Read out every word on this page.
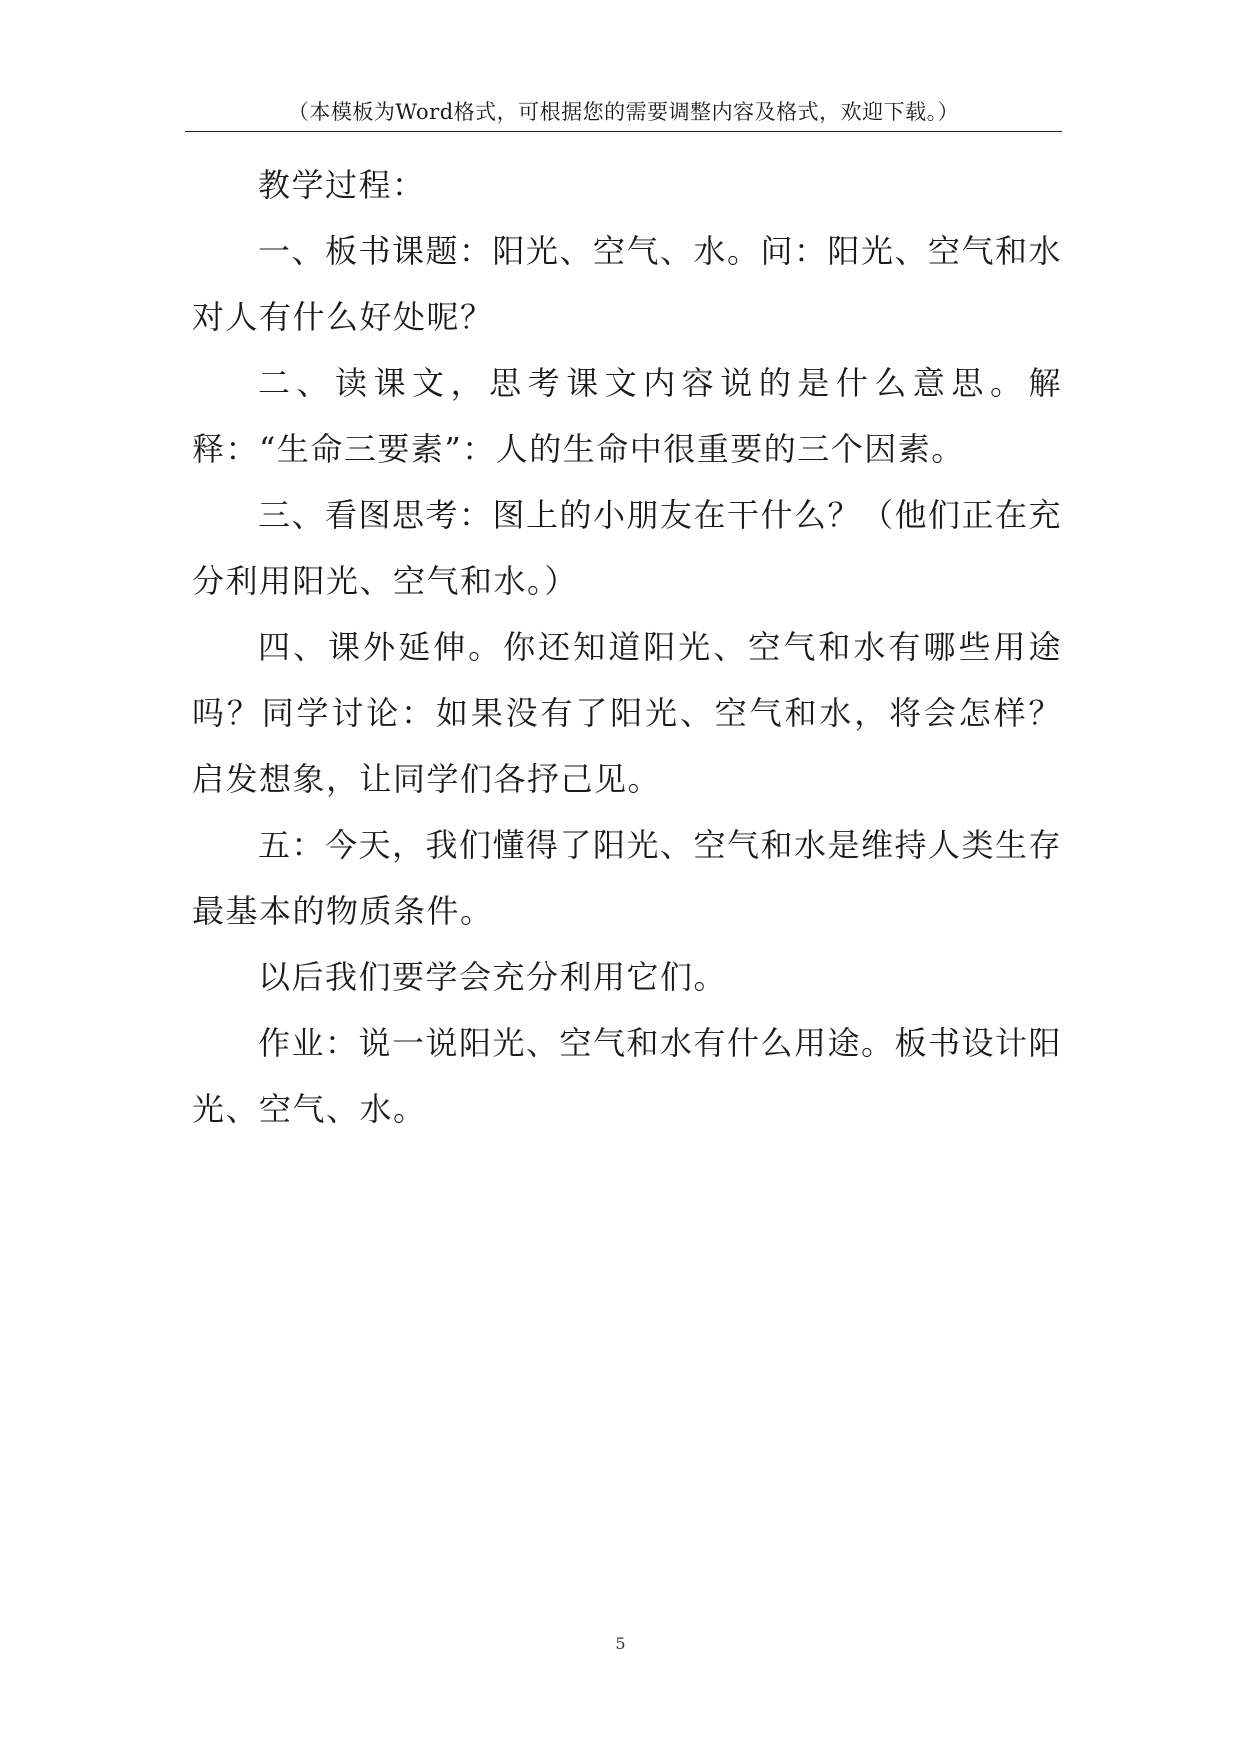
（本模板为Word格式，可根据您的需要调整内容及格式，欢迎下载。）

教学过程：

一、板书课题：阳光、空气、水。问：阳光、空气和水对人有什么好处呢？

二、读课文，思考课文内容说的是什么意思。解释：“生命三要素”：人的生命中很重要的三个因素。

三、看图思考：图上的小朋友在干什么？（他们正在充分利用阳光、空气和水。）

四、课外延伸。你还知道阳光、空气和水有哪些用途吗？同学讨论：如果没有了阳光、空气和水，将会怎样？启发想象，让同学们各抒己见。

五：今天，我们懂得了阳光、空气和水是维持人类生存最基本的物质条件。

以后我们要学会充分利用它们。

作业：说一说阳光、空气和水有什么用途。板书设计阳光、空气、水。

5
